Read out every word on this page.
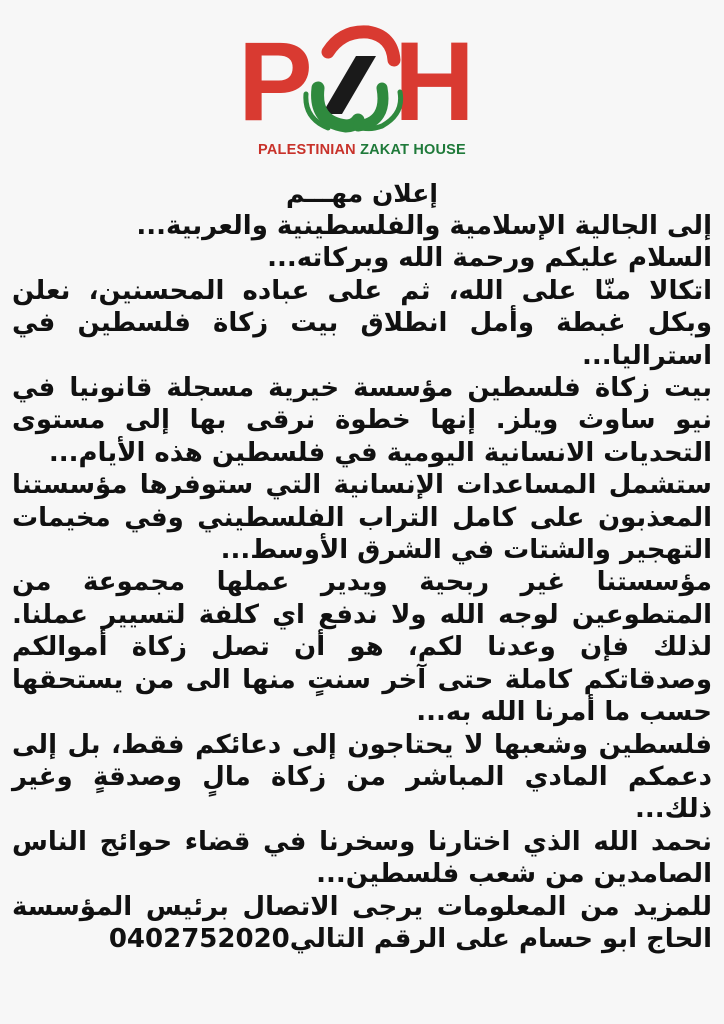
P H
PALESTINIAN ZAKAT HOUSE
إعلان مهـــم

إلى الجالية الإسلامية والفلسطينية والعربية...

السلام عليكم ورحمة الله وبركاته...

اتكالا منّا على الله، ثم على عباده المحسنين، نعلن وبكل غبطة وأمل انطلاق بيت زكاة فلسطين في استراليا...

بيت زكاة فلسطين مؤسسة خيرية مسجلة قانونيا في نيو ساوث ويلز. إنها خطوة نرقى بها إلى مستوى التحديات الانسانية اليومية في فلسطين هذه الأيام...

ستشمل المساعدات الإنسانية التي ستوفرها مؤسستنا المعذبون على كامل التراب الفلسطيني وفي مخيمات التهجير والشتات في الشرق الأوسط...

مؤسستنا غير ربحية ويدير عملها مجموعة من المتطوعين لوجه الله ولا ندفع اي كلفة لتسيير عملنا. لذلك فإن وعدنا لكم، هو أن تصل زكاة أموالكم وصدقاتكم كاملة حتى آخر سنتٍ منها الى من يستحقها حسب ما أمرنا الله به...

فلسطين وشعبها لا يحتاجون إلى دعائكم فقط، بل إلى دعمكم المادي المباشر من زكاة مالٍ وصدقةٍ وغير ذلك...

نحمد الله الذي اختارنا وسخرنا في قضاء حوائج الناس الصامدين من شعب فلسطين...

للمزيد من المعلومات يرجى الاتصال برئيس المؤسسة الحاج ابو حسام على الرقم التالي0402752020
